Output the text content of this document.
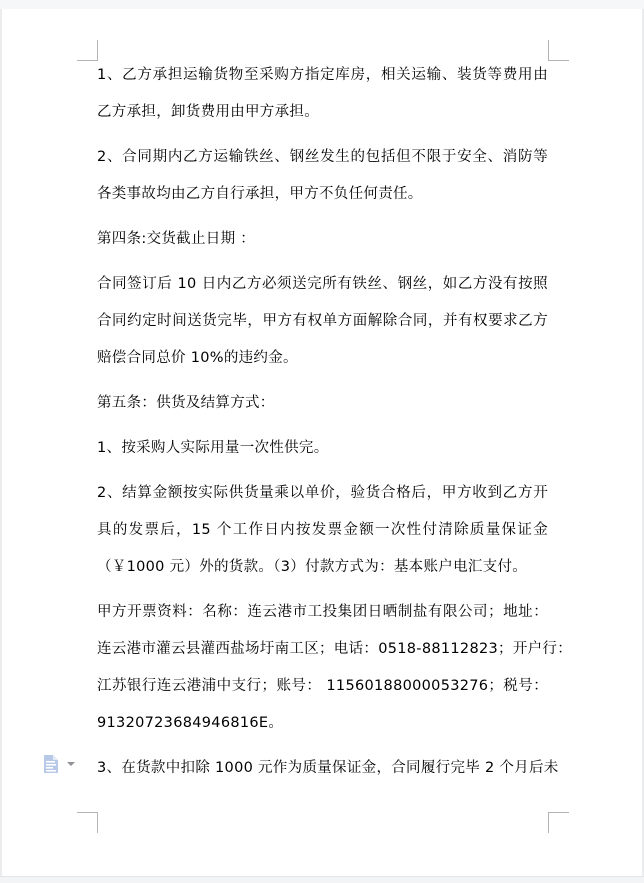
1、乙方承担运输货物至采购方指定库房，相关运输、装货等费用由
乙方承担，卸货费用由甲方承担。
2、合同期内乙方运输铁丝、钢丝发生的包括但不限于安全、消防等
各类事故均由乙方自行承担，甲方不负任何责任。
第四条:交货截止日期 ：
合同签订后 10 日内乙方必须送完所有铁丝、钢丝，如乙方没有按照
合同约定时间送货完毕，甲方有权单方面解除合同，并有权要求乙方
赔偿合同总价 10%的违约金。
第五条：供货及结算方式：
1、按采购人实际用量一次性供完。
2、结算金额按实际供货量乘以单价，验货合格后，甲方收到乙方开
具的发票后，15 个工作日内按发票金额一次性付清除质量保证金
（￥1000 元）外的货款。（3）付款方式为：基本账户电汇支付。
甲方开票资料：名称：连云港市工投集团日晒制盐有限公司；地址：
连云港市灌云县灌西盐场圩南工区；电话：0518-88112823；开户行：
江苏银行连云港浦中支行；账号： 11560188000053276；税号：
91320723684946816E。
3、在货款中扣除 1000 元作为质量保证金，合同履行完毕 2 个月后未
